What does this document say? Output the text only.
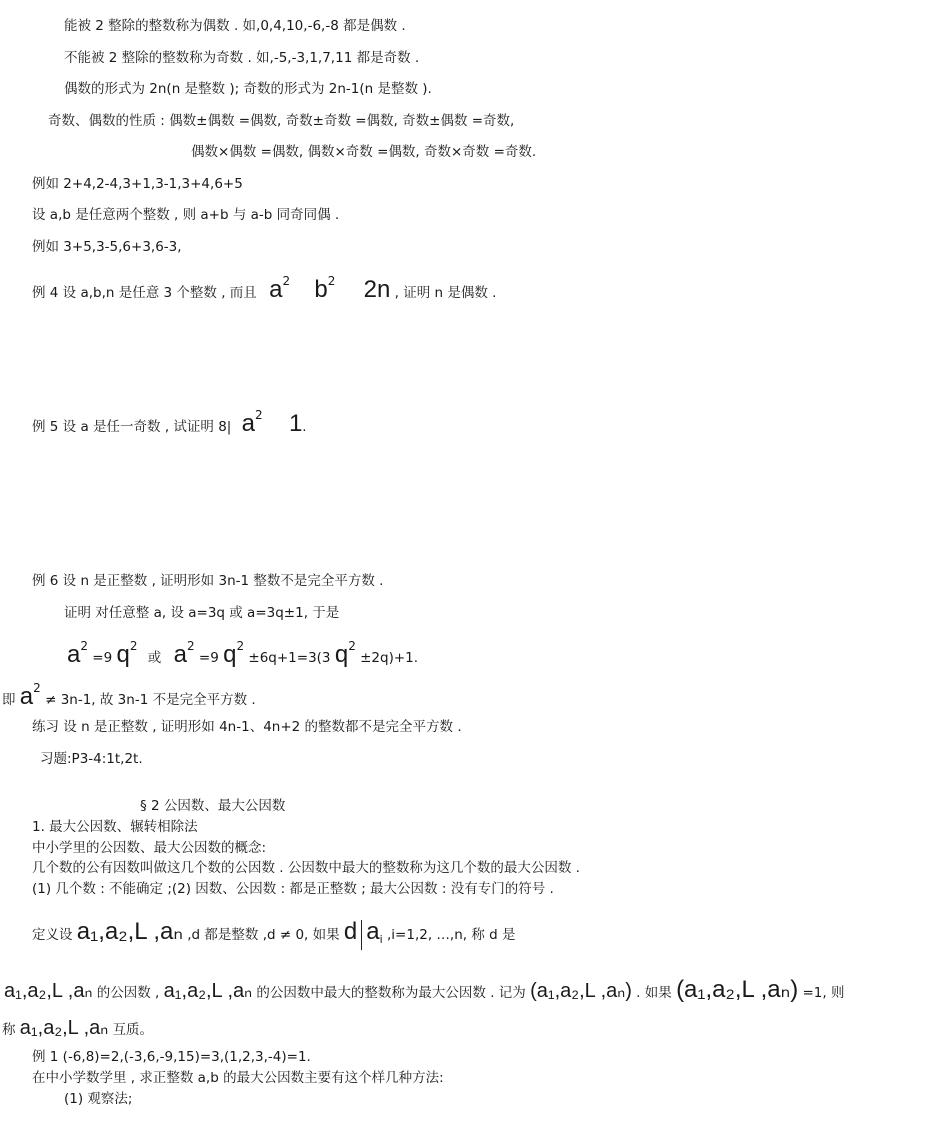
能被 2 整除的整数称为偶数 . 如,0,4,10,-6,-8 都是偶数 .
不能被 2 整除的整数称为奇数 . 如,-5,-3,1,7,11 都是奇数 .
偶数的形式为 2n(n 是整数 ); 奇数的形式为 2n-1(n 是整数 ).
奇数、偶数的性质 : 偶数±偶数 =偶数, 奇数±奇数 =偶数, 奇数±偶数 =奇数,
偶数×偶数 =偶数, 偶数×奇数 =偶数, 奇数×奇数 =奇数.
例如 2+4,2-4,3+1,3-1,3+4,6+5
设 a,b 是任意两个整数 , 则 a+b 与 a-b 同奇同偶 .
例如 3+5,3-5,6+3,6-3,
例 4 设 a,b,n 是任意 3 个整数 , 而且 a2 b2 2n , 证明 n 是偶数 .
例 5 设 a 是任一奇数 , 试证明 8| a2 1.
例 6 设 n 是正整数 , 证明形如 3n-1 整数不是完全平方数 .
证明 对任意整 a, 设 a=3q 或 a=3q±1, 于是
a2 =9 q2 或 a2 =9 q2 ±6q+1=3(3 q2 ±2q)+1.
即 a2 ≠ 3n-1, 故 3n-1 不是完全平方数 .
练习 设 n 是正整数 , 证明形如 4n-1、4n+2 的整数都不是完全平方数 .
习题:P3-4:1t,2t.
§ 2 公因数、最大公因数
1. 最大公因数、辗转相除法
中小学里的公因数、最大公因数的概念:
几个数的公有因数叫做这几个数的公因数 . 公因数中最大的整数称为这几个数的最大公因数 .
(1) 几个数 : 不能确定 ;(2) 因数、公因数 : 都是正整数 ; 最大公因数 : 没有专门的符号 .
定义设 a₁,a₂,L ,aₙ ,d 都是整数 ,d ≠ 0, 如果 d $a_i$ ,i=1,2, …,n, 称 d 是
a₁,a₂,L ,aₙ 的公因数 , a₁,a₂,L ,aₙ 的公因数中最大的整数称为最大公因数 . 记为 (a₁,a₂,L ,aₙ) . 如果 (a₁,a₂,L ,aₙ) =1, 则
称 a₁,a₂,L ,aₙ 互质。
例 1 (-6,8)=2,(-3,6,-9,15)=3,(1,2,3,-4)=1.
在中小学数学里 , 求正整数 a,b 的最大公因数主要有这个样几种方法:
(1) 观察法;
